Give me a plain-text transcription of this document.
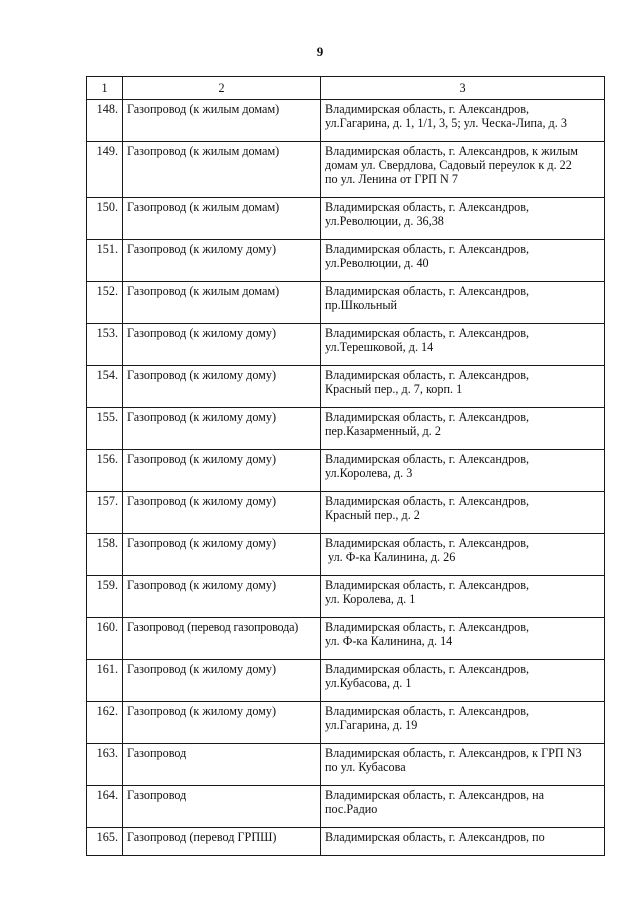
9
1	2	3
148.	Газопровод (к жилым домам)	Владимирская область, г. Александров,
ул.Гагарина, д. 1, 1/1, 3, 5; ул. Ческа-Липа, д. 3

149.	Газопровод (к жилым домам)	Владимирская область, г. Александров, к жилым
домам ул. Свердлова, Садовый переулок к д. 22
по ул. Ленина от ГРП N 7

150.	Газопровод (к жилым домам)	Владимирская область, г. Александров,
ул.Революции, д. 36,38

151.	Газопровод (к жилому дому)	Владимирская область, г. Александров,
ул.Революции, д. 40

152.	Газопровод (к жилым домам)	Владимирская область, г. Александров,
пр.Школьный

153.	Газопровод (к жилому дому)	Владимирская область, г. Александров,
ул.Терешковой, д. 14

154.	Газопровод (к жилому дому)	Владимирская область, г. Александров,
Красный пер., д. 7, корп. 1

155.	Газопровод (к жилому дому)	Владимирская область, г. Александров,
пер.Казарменный, д. 2

156.	Газопровод (к жилому дому)	Владимирская область, г. Александров,
ул.Королева, д. 3

157.	Газопровод (к жилому дому)	Владимирская область, г. Александров,
Красный пер., д. 2

158.	Газопровод (к жилому дому)	Владимирская область, г. Александров,
ул. Ф-ка Калинина, д. 26

159.	Газопровод (к жилому дому)	Владимирская область, г. Александров,
ул. Королева, д. 1

160.	Газопровод (перевод газопровода)	Владимирская область, г. Александров,
ул. Ф-ка Калинина, д. 14

161.	Газопровод (к жилому дому)	Владимирская область, г. Александров,
ул.Кубасова, д. 1

162.	Газопровод (к жилому дому)	Владимирская область, г. Александров,
ул.Гагарина, д. 19

163.	Газопровод	Владимирская область, г. Александров, к ГРП N3
по ул. Кубасова

164.	Газопровод	Владимирская область, г. Александров, на
пос.Радио

165.	Газопровод (перевод ГРПШ)	Владимирская область, г. Александров, по
